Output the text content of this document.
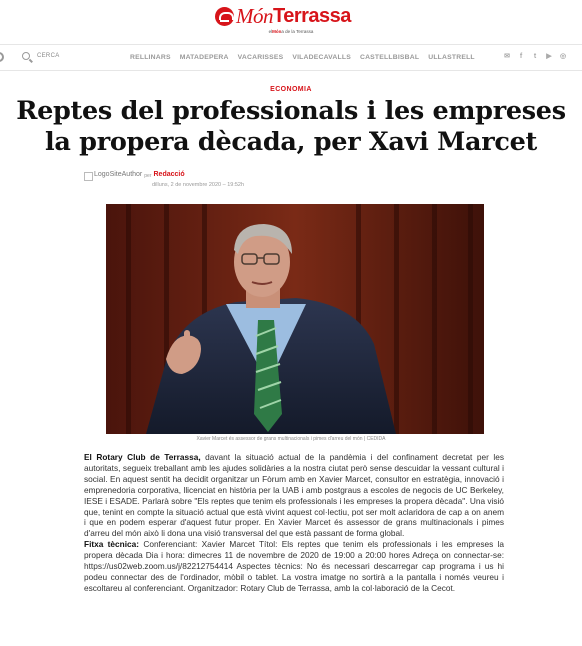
Món Terrassa
elMóna de la Terrassa
CERCA	RELLINARS MATADEPERA VACARISSES VILADECAVALLS CASTELLBISBAL ULLASTRELL	✉	f	t	▶ ◎
ECONOMIA
Reptes del professionals i les empreses la propera dècada, per Xavi Marcet
LogoSiteAuthor per Redacció
dilluns, 2 de novembre 2020 – 19:52h
Xavier Marcet és assessor de grans multinacionals i pimes d'arreu del món | CEDIDA

El Rotary Club de Terrassa, davant la situació actual de la pandèmia i del confinament decretat per les autoritats, segueix treballant amb les ajudes solidàries a la nostra ciutat però sense descuidar la vessant cultural i social. En aquest sentit ha decidit organitzar un Fòrum amb en Xavier Marcet, consultor en estratègia, innovació i emprenedoria corporativa, llicenciat en història per la UAB i amb postgraus a escoles de negocis de UC Berkeley, IESE i ESADE. Parlarà sobre "Els reptes que tenim els professionals i les empreses la propera dècada". Una visió que, tenint en compte la situació actual que està vivint aquest col·lectiu, pot ser molt aclaridora de cap a on anem i que en podem esperar d'aquest futur proper. En Xavier Marcet és assessor de grans multinacionals i pimes d'arreu del món això li dona una visió transversal del que està passant de forma global.

Fitxa tècnica: Conferenciant: Xavier Marcet Títol: Els reptes que tenim els professionals i les empreses la propera dècada Dia i hora: dimecres 11 de novembre de 2020 de 19:00 a 20:00 hores Adreça on connectar-se: https://us02web.zoom.us/j/82212754414 Aspectes tècnics: No és necessari descarregar cap programa i us hi podeu connectar des de l'ordinador, mòbil o tablet. La vostra imatge no sortirà a la pantalla i només veureu i escoltareu al conferenciant. Organitzador: Rotary Club de Terrassa, amb la col·laboració de la Cecot.
